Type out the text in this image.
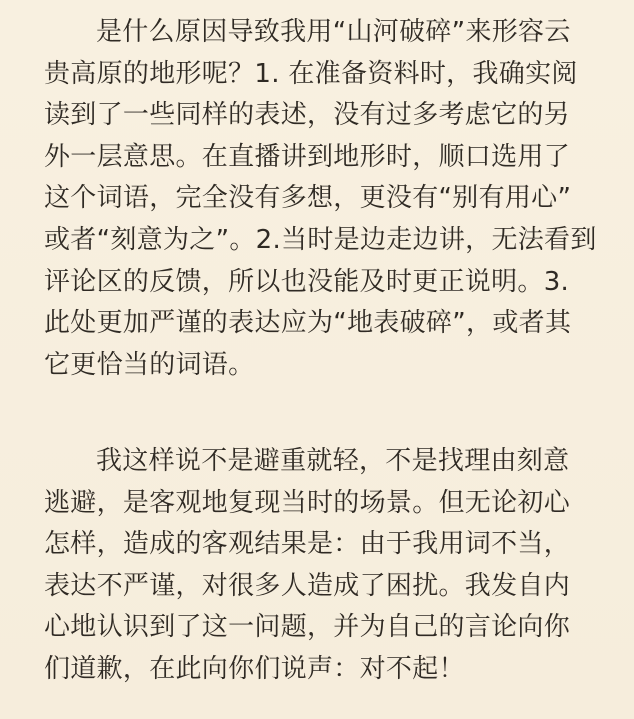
是什么原因导致我用“山河破碎”来形容云
贵高原的地形呢？1. 在准备资料时，我确实阅
读到了一些同样的表述，没有过多考虑它的另
外一层意思。在直播讲到地形时，顺口选用了
这个词语，完全没有多想，更没有“别有用心”
或者“刻意为之”。2.当时是边走边讲，无法看到
评论区的反馈，所以也没能及时更正说明。3.
此处更加严谨的表达应为“地表破碎”，或者其
它更恰当的词语。
我这样说不是避重就轻，不是找理由刻意
逃避，是客观地复现当时的场景。但无论初心
怎样，造成的客观结果是：由于我用词不当，
表达不严谨，对很多人造成了困扰。我发自内
心地认识到了这一问题，并为自己的言论向你
们道歉，在此向你们说声：对不起！
